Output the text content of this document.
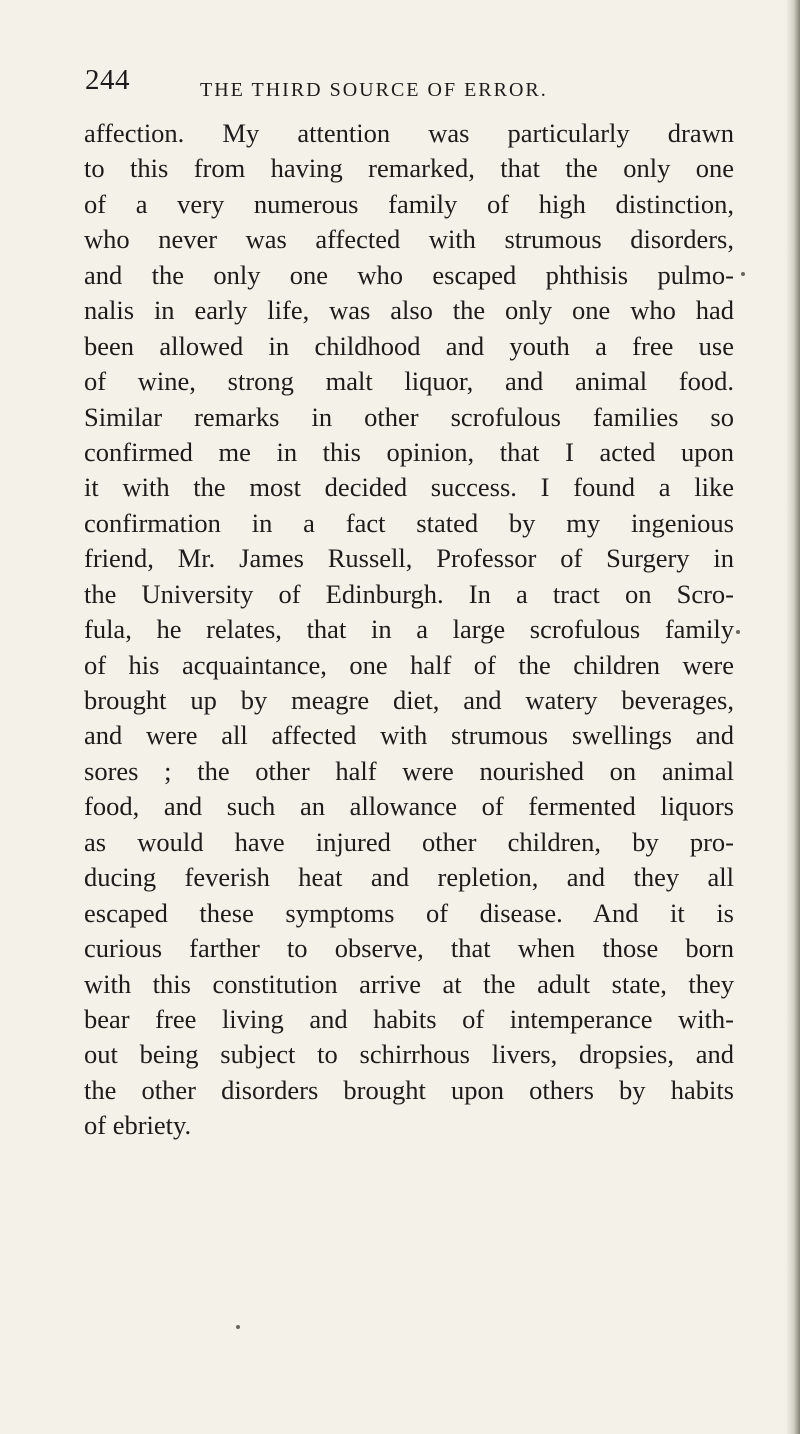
244	THE THIRD SOURCE OF ERROR.
affection. My attention was particularly drawn
to this from having remarked, that the only one
of a very numerous family of high distinction,
who never was affected with strumous disorders,
and the only one who escaped phthisis pulmo-
nalis in early life, was also the only one who had
been allowed in childhood and youth a free use
of wine, strong malt liquor, and animal food.
Similar remarks in other scrofulous families so
confirmed me in this opinion, that I acted upon
it with the most decided success. I found a like
confirmation in a fact stated by my ingenious
friend, Mr. James Russell, Professor of Surgery in
the University of Edinburgh. In a tract on Scro-
fula, he relates, that in a large scrofulous family
of his acquaintance, one half of the children were
brought up by meagre diet, and watery beverages,
and were all affected with strumous swellings and
sores ; the other half were nourished on animal
food, and such an allowance of fermented liquors
as would have injured other children, by pro-
ducing feverish heat and repletion, and they all
escaped these symptoms of disease. And it is
curious farther to observe, that when those born
with this constitution arrive at the adult state, they
bear free living and habits of intemperance with-
out being subject to schirrhous livers, dropsies, and
the other disorders brought upon others by habits
of ebriety.
